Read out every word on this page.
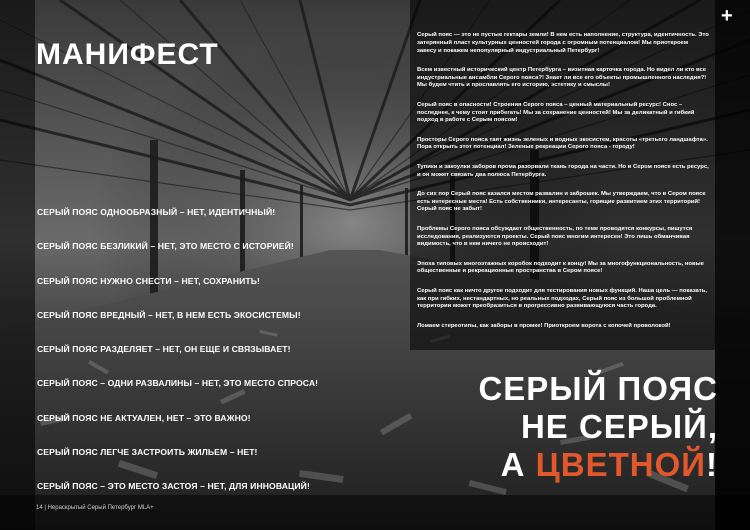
+
МАНИФЕСТ
СЕРЫЙ ПОЯС ОДНООБРАЗНЫЙ – НЕТ, ИДЕНТИЧНЫЙ!
СЕРЫЙ ПОЯС БЕЗЛИКИЙ – НЕТ, ЭТО МЕСТО С ИСТОРИЕЙ!
СЕРЫЙ ПОЯС НУЖНО СНЕСТИ – НЕТ, СОХРАНИТЬ!
СЕРЫЙ ПОЯС ВРЕДНЫЙ – НЕТ, В НЕМ ЕСТЬ ЭКОСИСТЕМЫ!
СЕРЫЙ ПОЯС РАЗДЕЛЯЕТ – НЕТ, ОН ЕЩЕ И СВЯЗЫВАЕТ!
СЕРЫЙ ПОЯС – ОДНИ РАЗВАЛИНЫ – НЕТ, ЭТО МЕСТО СПРОСА!
СЕРЫЙ ПОЯС НЕ АКТУАЛЕН, НЕТ – ЭТО ВАЖНО!
СЕРЫЙ ПОЯС ЛЕГЧЕ ЗАСТРОИТЬ ЖИЛЬЕМ – НЕТ!
СЕРЫЙ ПОЯС – ЭТО МЕСТО ЗАСТОЯ – НЕТ, ДЛЯ ИННОВАЦИЙ!

Серый пояс — это не пустые гектары земли! В нем есть наполнение, структура, идентичность. Это затерянный пласт культурных ценностей города с огромным потенциалом! Мы приоткроем завесу и покажем непопулярный индустриальный Петербург!

Всем известный исторический центр Петербурга – визитная карточка города. Но видел ли кто все индустриальные ансамбли Серого пояса?! Знает ли все его объекты промышленного наследия?! Мы будем чтить и прославлять его историю, эстетику и смыслы!

Серый пояс в опасности! Строения Серого пояса – ценный материальный ресурс! Снос – последнее, к чему стоит прибегать! Мы за сохранение ценностей! Мы за деликатный и гибкий подход в работе с Серым поясом!

Просторы Серого пояса таят жизнь зеленых и водных экосистем, красоты «третьего ландшафта». Пора открыть этот потенциал! Зеленые рекреации Серого пояса - городу!

Тупики и закоулки заборов прома разорвали ткань города на части. Но в Сером поясе есть ресурс, и он может связать два полюса Петербурга.

До сих пор Серый пояс казался местом развалин и заброшек. Мы утверждаем, что в Сером поясе есть интересные места! Есть собственники, интересанты, горящие развитием этих территорий! Серый пояс не забыт!

Проблемы Серого пояса обсуждает общественность, по теме проводятся конкурсы, пишутся исследования, реализуются проекты. Серый пояс многим интересен! Это лишь обманчивая видимость, что в нем ничего не происходит!

Эпоха типовых многоэтажных коробок подходит к концу! Мы за многофункциональность, новые общественные и рекреационные пространства в Сером поясе!

Серый пояс как ничто другое подходит для тестирования новых функций. Наша цель — показать, как при гибких, нестандартных, но реальных подходах, Серый пояс из большой проблемной территории может преобразиться в прогрессивно развивающуюся часть города.

Ломаем стереотипы, как заборы в промке! Приоткроем ворота с копочей проволокой!

СЕРЫЙ ПОЯС
НЕ СЕРЫЙ,
А ЦВЕТНОЙ!
14 | Нераскрытый Серый Петербург MLA+
